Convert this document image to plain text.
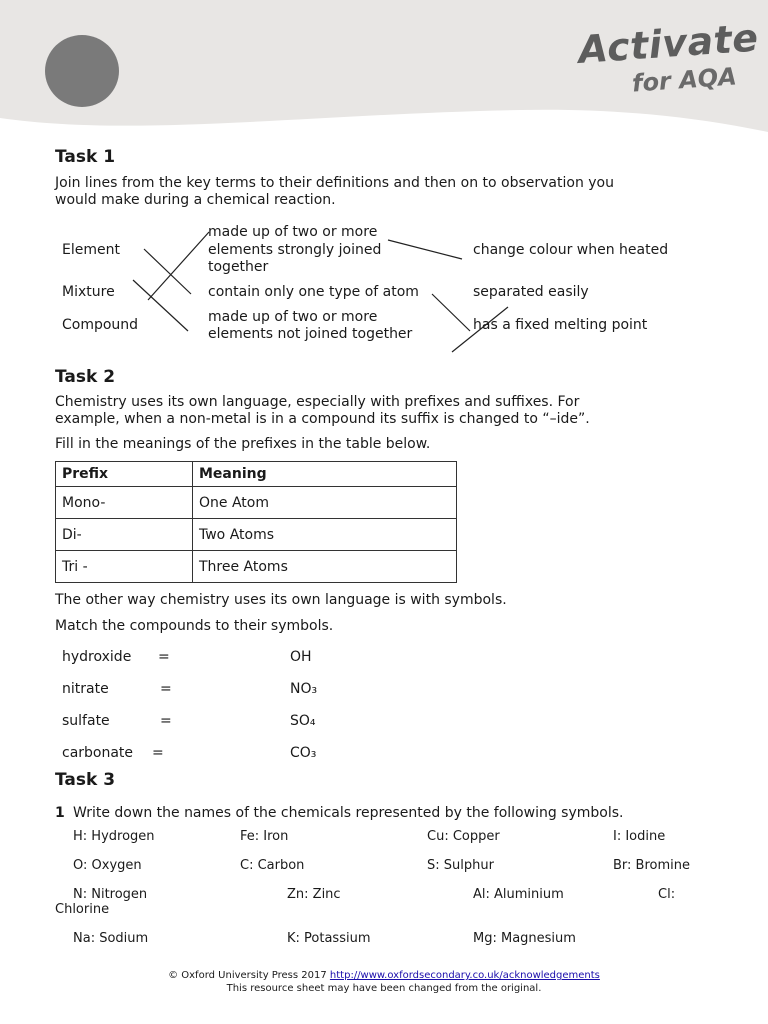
Activate
for AQA
Task 1
Join lines from the key terms to their definitions and then on to observation you
would make during a chemical reaction.
Element
Mixture
Compound
made up of two or more
elements strongly joined
together
contain only one type of atom
made up of two or more
elements not joined together
change colour when heated
separated easily
has a fixed melting point
Task 2
Chemistry uses its own language, especially with prefixes and suffixes. For
example, when a non-metal is in a compound its suffix is changed to “–ide”.
Fill in the meanings of the prefixes in the table below.
Prefix	Meaning
Mono-	One Atom
Di-	Two Atoms
Tri -	Three Atoms
The other way chemistry uses its own language is with symbols.
Match the compounds to their symbols.
hydroxide =	OH
nitrate	=	NO₃
sulfate	=	SO₄
carbonate =	CO₃
Task 3
1 Write down the names of the chemicals represented by the following symbols.
H: Hydrogen	Fe: Iron	Cu: Copper	I: Iodine
O: Oxygen	C: Carbon	S: Sulphur	Br: Bromine
N: Nitrogen	Zn: Zinc	Al: Aluminium	Cl:
Chlorine
Na: Sodium	K: Potassium	Mg: Magnesium
© Oxford University Press 2017 http://www.oxfordsecondary.co.uk/acknowledgements
This resource sheet may have been changed from the original.
